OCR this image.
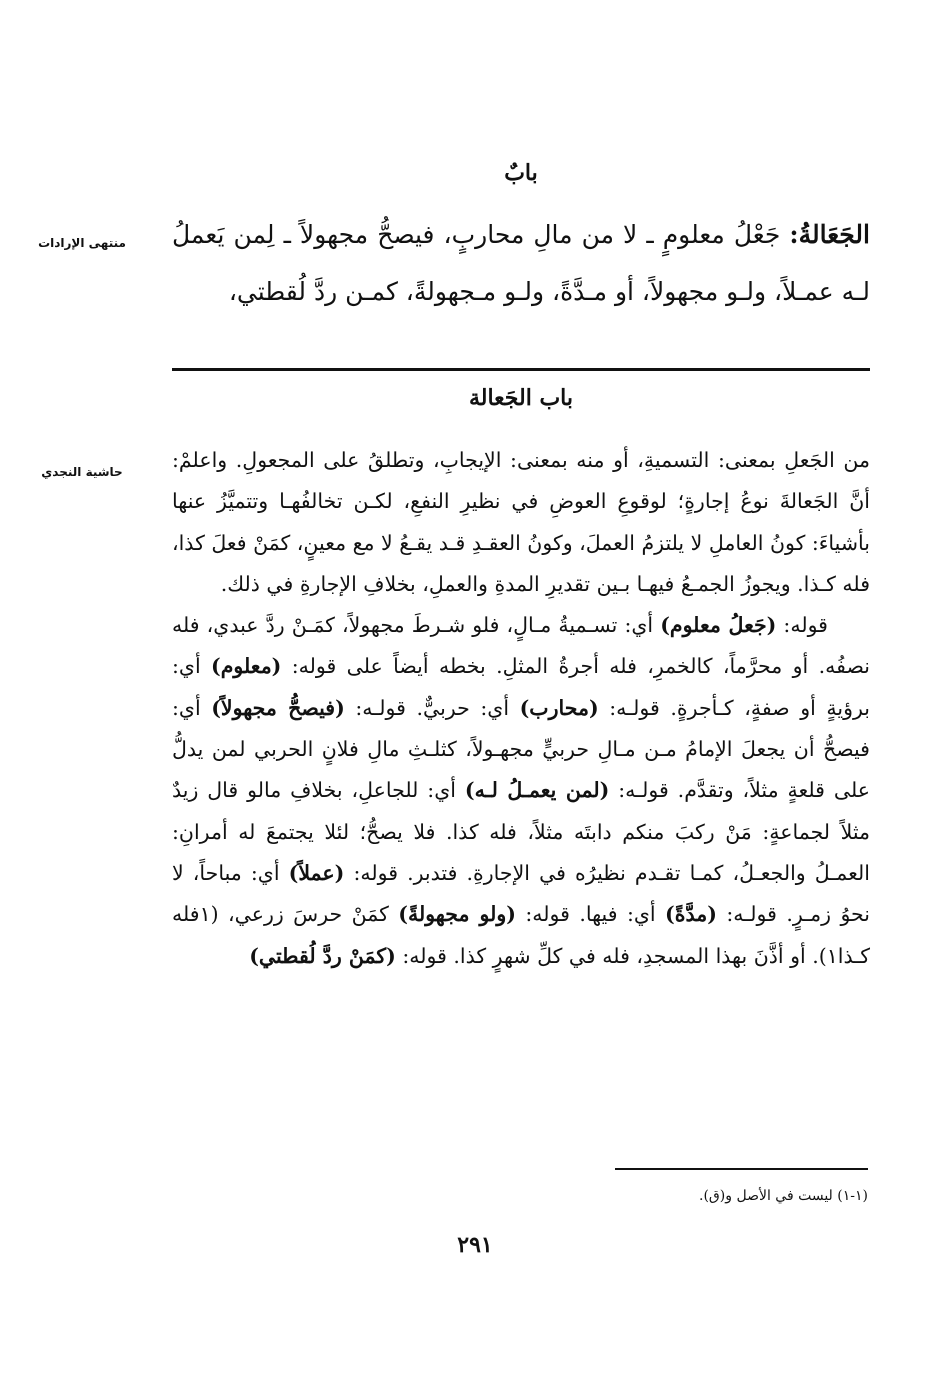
بابٌ
منتهى الإرادات	الجَعَالةُ: جَعْلُ معلومٍ ـ لا من مالِ محاربٍ، فيصحُّ مجهولاً ـ لِمن يَعملُ لـه عمـلاً، ولـو مجهولاً، أو مـدَّةً، ولـو مـجهولةً، كمـن ردَّ لُقطتي،
باب الجَعالة
حاشية النجدي	من الجَعلِ بمعنى: التسميةِ، أو منه بمعنى: الإيجابِ، وتطلقُ على المجعولِ. واعلمْ: أنَّ الجَعالةَ نوعُ إجارةٍ؛ لوقوعِ العوضِ في نظيرِ النفعِ، لكـن تخالفُهـا وتتميَّزُ عنها بأشياءَ: كونُ العاملِ لا يلتزمُ العملَ، وكونُ العقـدِ قـد يقـعُ لا مع معينٍ، كمَنْ فعلَ كذا، فله كـذا. ويجوزُ الجمـعُ فيهـا بـين تقديرِ المدةِ والعملِ، بخلافِ الإجارةِ في ذلك.

قوله: (جَعلُ معلوم) أي: تسـميةُ مـالٍ، فلو شـرطَ مجهولاً، كمَـنْ ردَّ عبدي، فله نصفُه. أو محرَّماً، كالخمرِ، فله أجرةُ المثلِ. بخطه أيضاً على قوله: (معلوم) أي: برؤيةٍ أو صفةٍ، كـأجرةٍ. قولـه: (محارب) أي: حربيٌّ. قولـه: (فيصحُّ مجهولاً) أي: فيصحُّ أن يجعلَ الإمامُ مـن مـالِ حربيٍّ مجهـولاً، كثلـثِ مالِ فلانٍ الحربي لمن يدلُّ على قلعةٍ مثلاً، وتقدَّم. قولـه: (لمن يعمـلُ لـه) أي: للجاعلِ، بخلافِ مالو قال زيدٌ مثلاً لجماعةٍ: مَنْ ركبَ منكم دابتَه مثلاً، فله كذا. فلا يصحُّ؛ لئلا يجتمعَ له أمرانِ: العمـلُ والجعـلُ، كمـا تقـدم نظيرُه في الإجارةِ. فتدبر. قوله: (عملاً) أي: مباحاً، لا نحوُ زمـرٍ. قولـه: (مدَّةً) أي: فيها. قوله: (ولو مجهولةً) كمَنْ حرسَ زرعي، (١فله كـذا١). أو أذَّنَ بهذا المسجدِ، فله في كلِّ شهرٍ كذا. قوله: (كمَنْ ردَّ لُقطتي)

(١-١) ليست في الأصل و(ق).
٢٩١
